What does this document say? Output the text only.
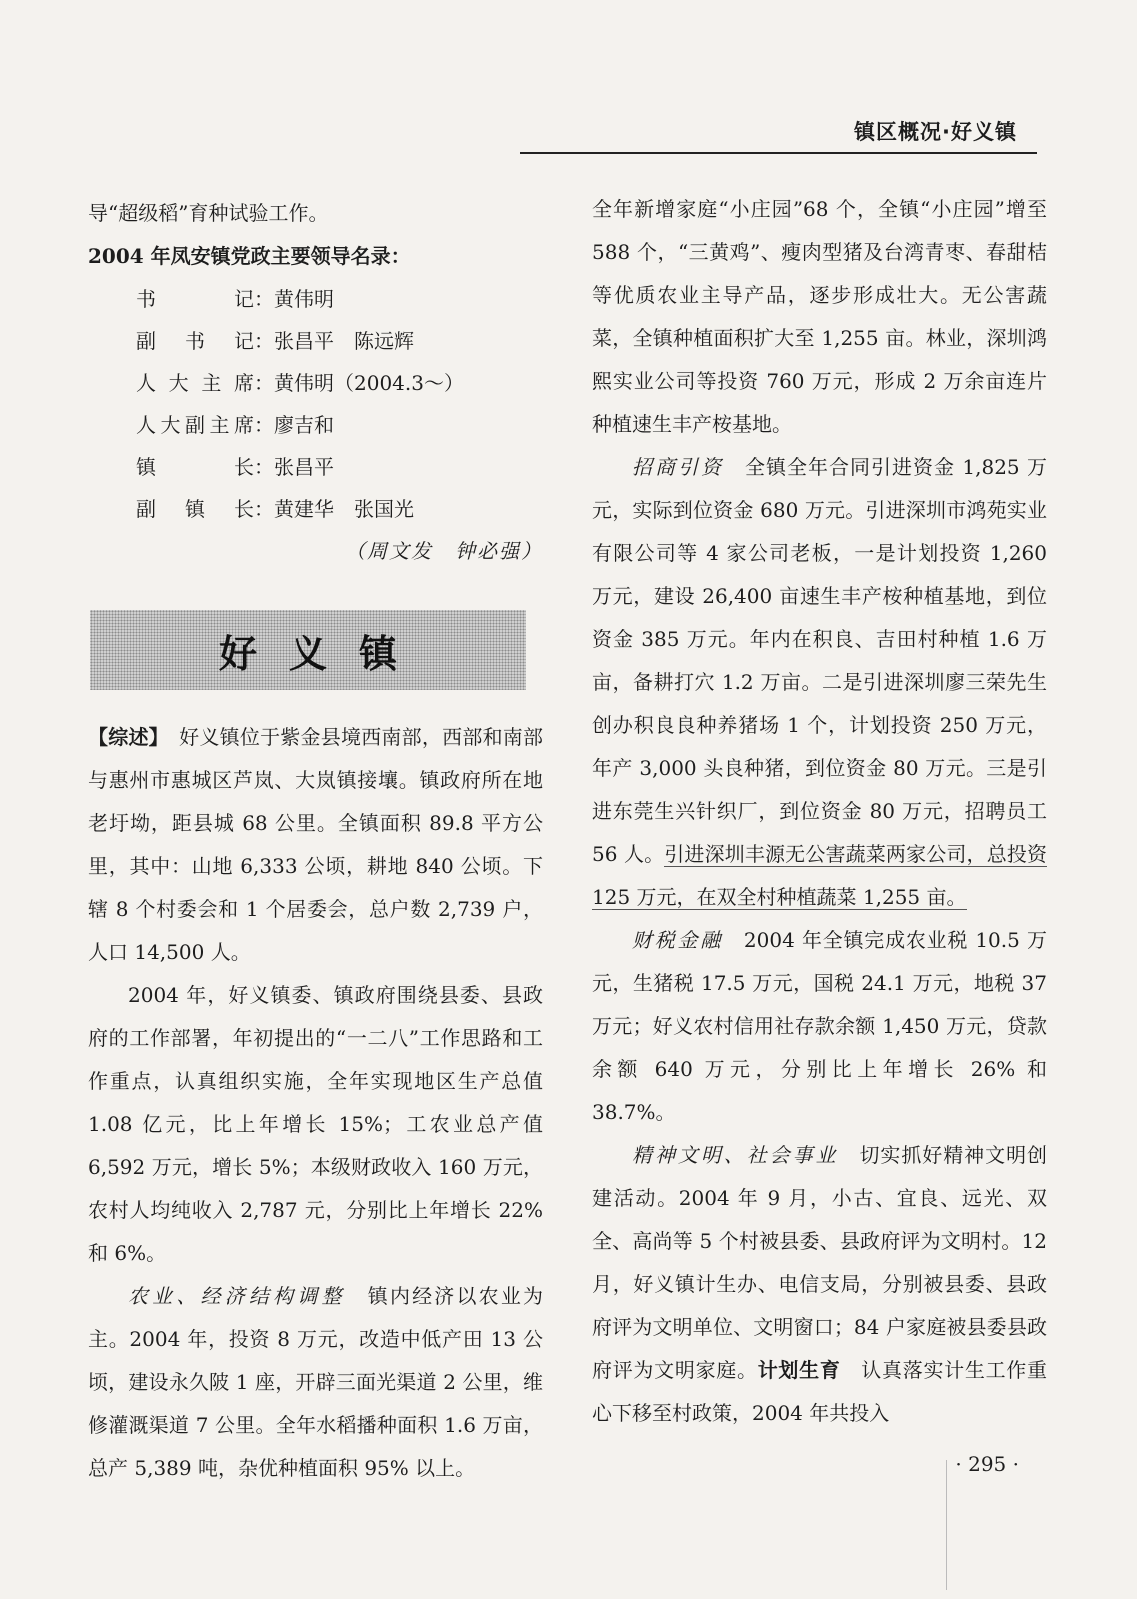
镇区概况·好义镇

导“超级稻”育种试验工作。

2004 年凤安镇党政主要领导名录：

书记 ： 黄伟明
副书记 ： 张昌平　陈远辉
人大主席 ： 黄伟明（2004.3～）
人大副主席 ： 廖吉和
镇长 ： 张昌平
副镇长 ： 黄建华　张国光
（周文发　钟必强）
好义镇

【综述】　 好义镇位于紫金县境西南部，西部和南部与惠州市惠城区芦岚、大岚镇接壤。镇政府所在地老圩坳，距县城 68 公里。全镇面积 89.8 平方公里，其中：山地 6,333 公顷，耕地 840 公顷。下辖 8 个村委会和 1 个居委会，总户数 2,739 户，人口 14,500 人。

2004 年，好义镇委、镇政府围绕县委、县政府的工作部署，年初提出的“一二八”工作思路和工作重点，认真组织实施，全年实现地区生产总值 1.08 亿元，比上年增长 15%；工农业总产值 6,592 万元，增长 5%；本级财政收入 160 万元，农村人均纯收入 2,787 元，分别比上年增长 22% 和 6%。

农业、经济结构调整　 镇内经济以农业为主。2004 年，投资 8 万元，改造中低产田 13 公顷，建设永久陂 1 座，开辟三面光渠道 2 公里，维修灌溉渠道 7 公里。全年水稻播种面积 1.6 万亩，总产 5,389 吨，杂优种植面积 95% 以上。

全年新增家庭“小庄园”68 个，全镇“小庄园”增至 588 个，“三黄鸡”、瘦肉型猪及台湾青枣、春甜桔等优质农业主导产品，逐步形成壮大。无公害蔬菜，全镇种植面积扩大至 1,255 亩。林业，深圳鸿熙实业公司等投资 760 万元，形成 2 万余亩连片种植速生丰产桉基地。

招商引资　 全镇全年合同引进资金 1,825 万元，实际到位资金 680 万元。引进深圳市鸿苑实业有限公司等 4 家公司老板，一是计划投资 1,260 万元，建设 26,400 亩速生丰产桉种植基地，到位资金 385 万元。年内在积良、吉田村种植 1.6 万亩，备耕打穴 1.2 万亩。二是引进深圳廖三荣先生创办积良良种养猪场 1 个，计划投资 250 万元，年产 3,000 头良种猪，到位资金 80 万元。三是引进东莞生兴针织厂，到位资金 80 万元，招聘员工 56 人。引进深圳丰源无公害蔬菜两家公司，总投资 125 万元，在双全村种植蔬菜 1,255 亩。

财税金融　 2004 年全镇完成农业税 10.5 万元，生猪税 17.5 万元，国税 24.1 万元，地税 37 万元；好义农村信用社存款余额 1,450 万元，贷款余额 640 万元，分别比上年增长 26% 和 38.7%。

精神文明、社会事业　 切实抓好精神文明创建活动。2004 年 9 月，小古、宜良、远光、双全、高尚等 5 个村被县委、县政府评为文明村。12 月，好义镇计生办、电信支局，分别被县委、县政府评为文明单位、文明窗口；84 户家庭被县委县政府评为文明家庭。计划生育　 认真落实计生工作重心下移至村政策，2004 年共投入

· 295 ·
